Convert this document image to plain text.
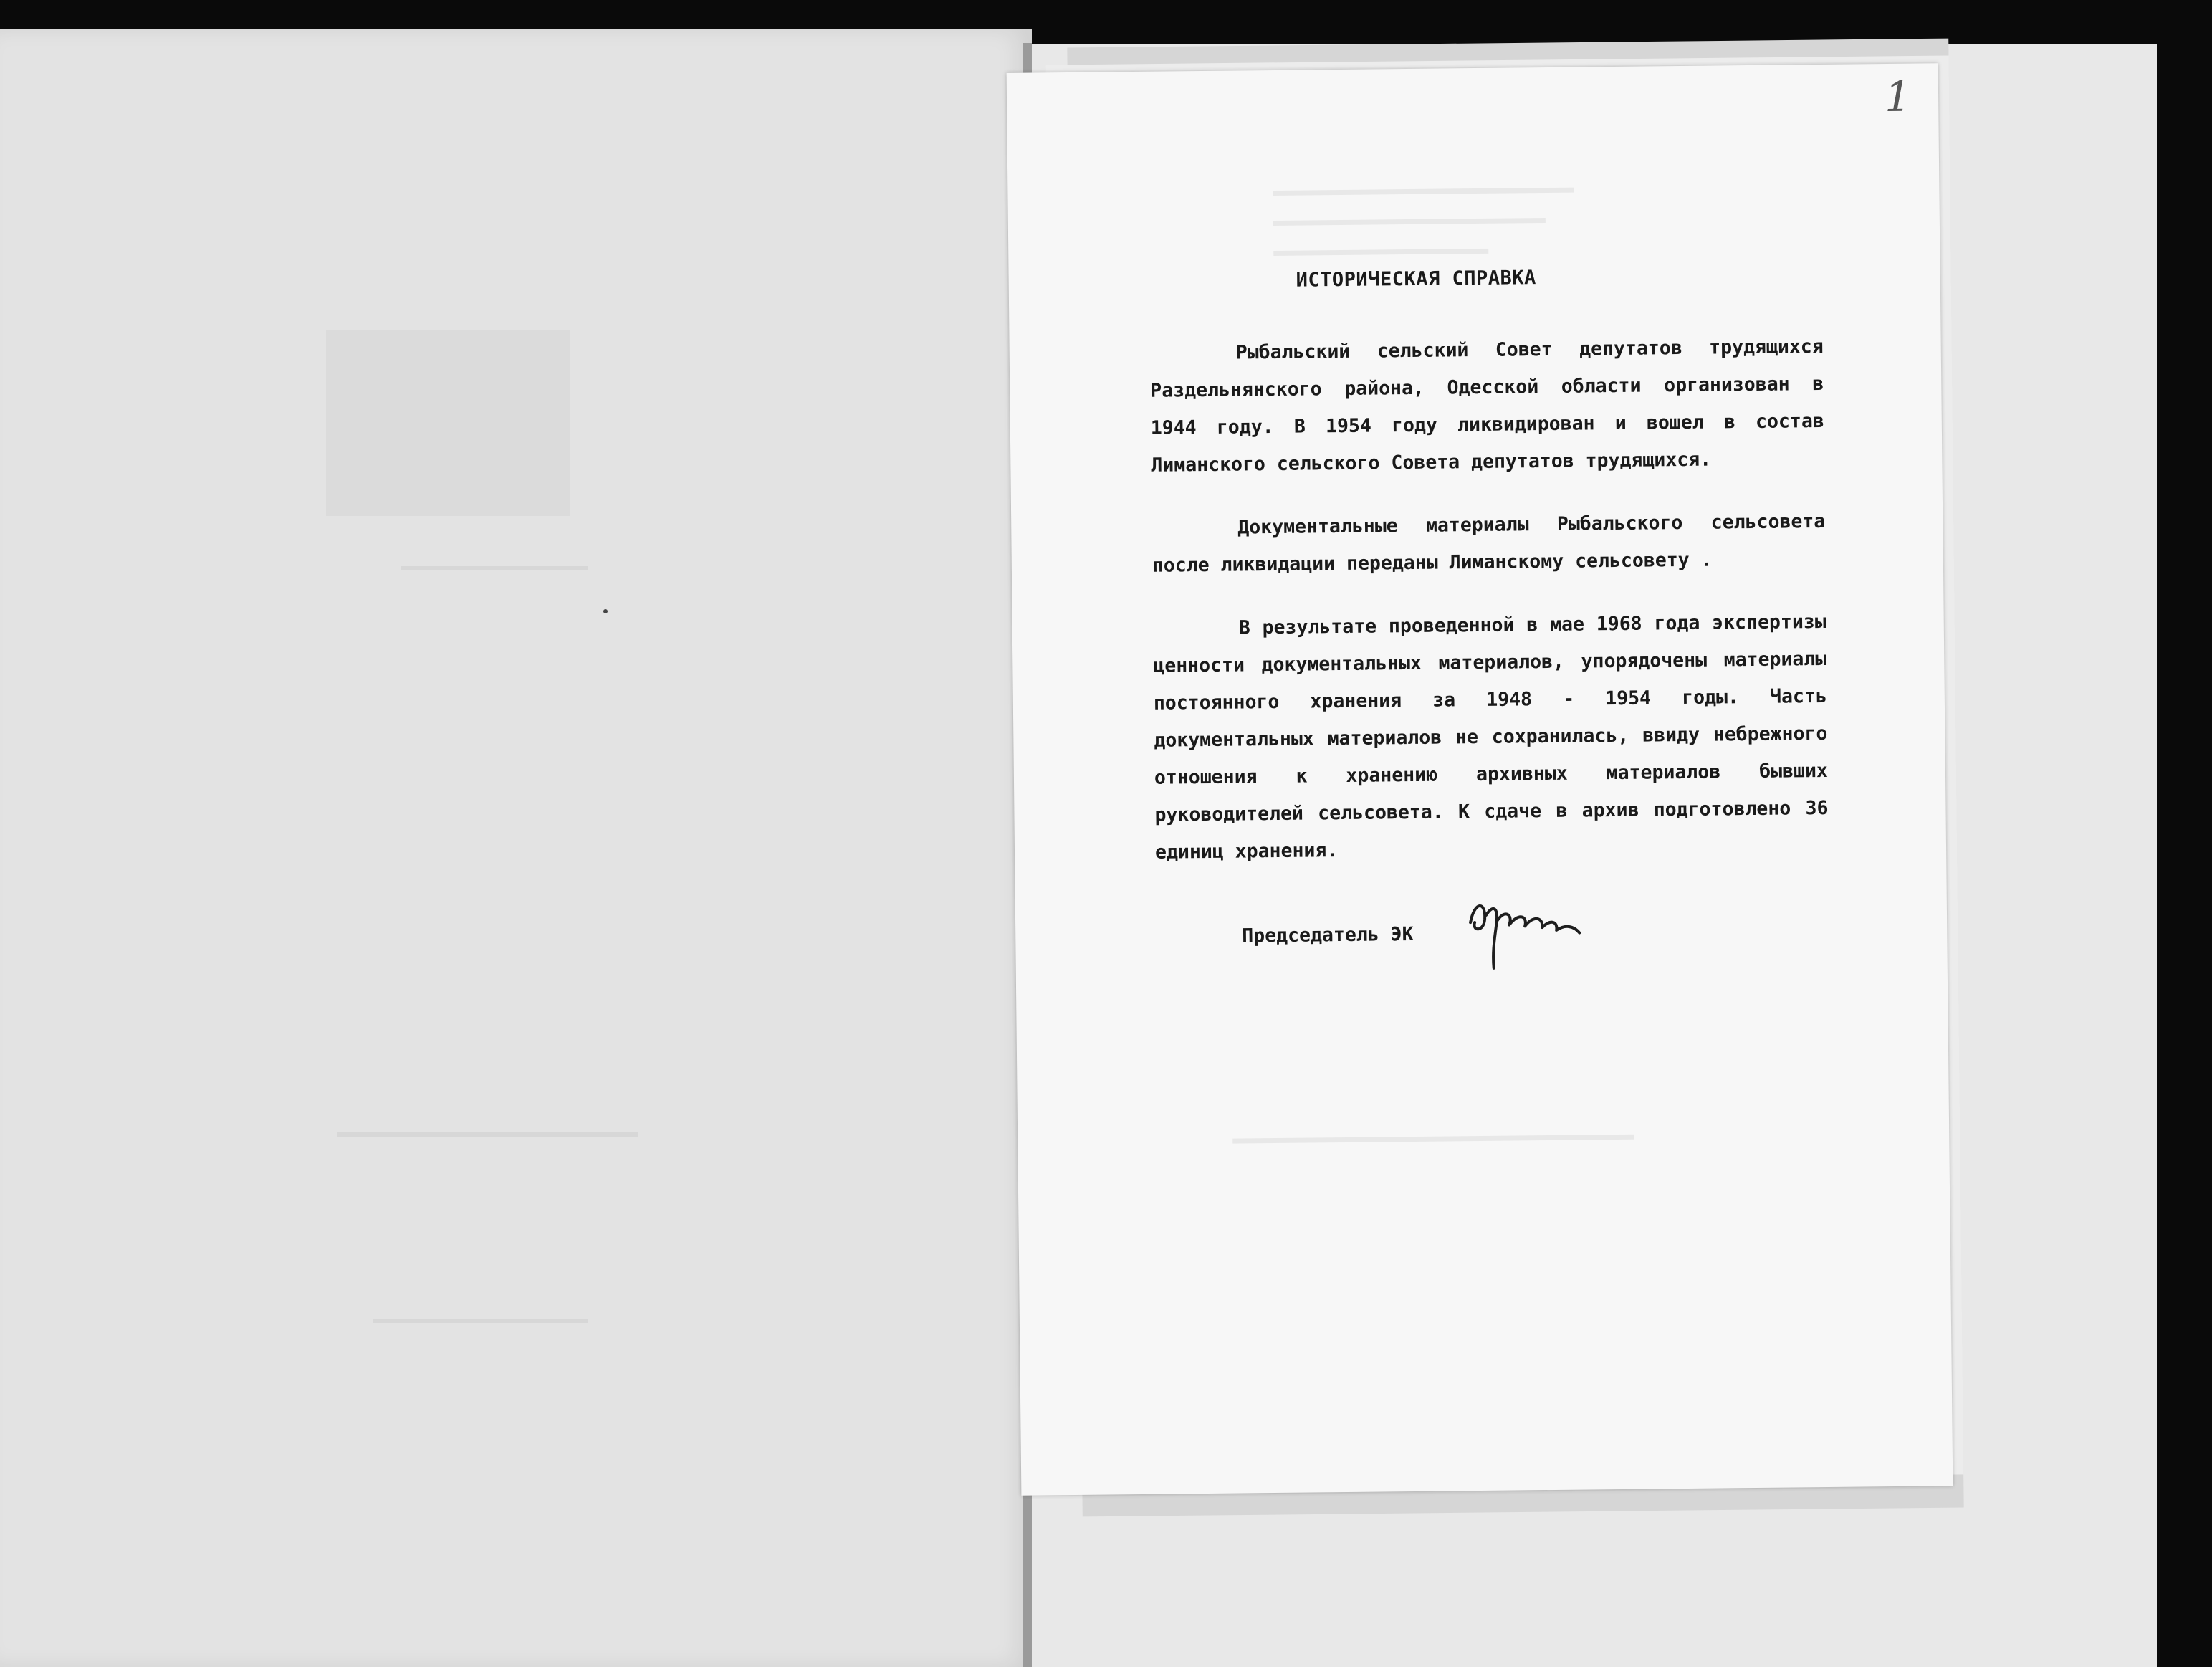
1
ИСТОРИЧЕСКАЯ СПРАВКА

Рыбальский сельский Совет депутатов трудящихся Раздельнянского района, Одесской области организован в 1944 году. В 1954 году ликвидирован и вошел в состав Лиманского сельского Совета депутатов трудящихся.

Документальные материалы Рыбальского сельсовета после ликвидации переданы Лиманскому сельсовету .

В результате проведенной в мае 1968 года экспертизы ценности документальных материалов, упорядочены материалы постоянного хранения за 1948 - 1954 годы. Часть документальных материалов не сохранилась, ввиду небрежного отношения к хранению архивных материалов бывших руководителей сельсовета. К сдаче в архив подготовлено 36 единиц хранения.

Председатель ЭК
